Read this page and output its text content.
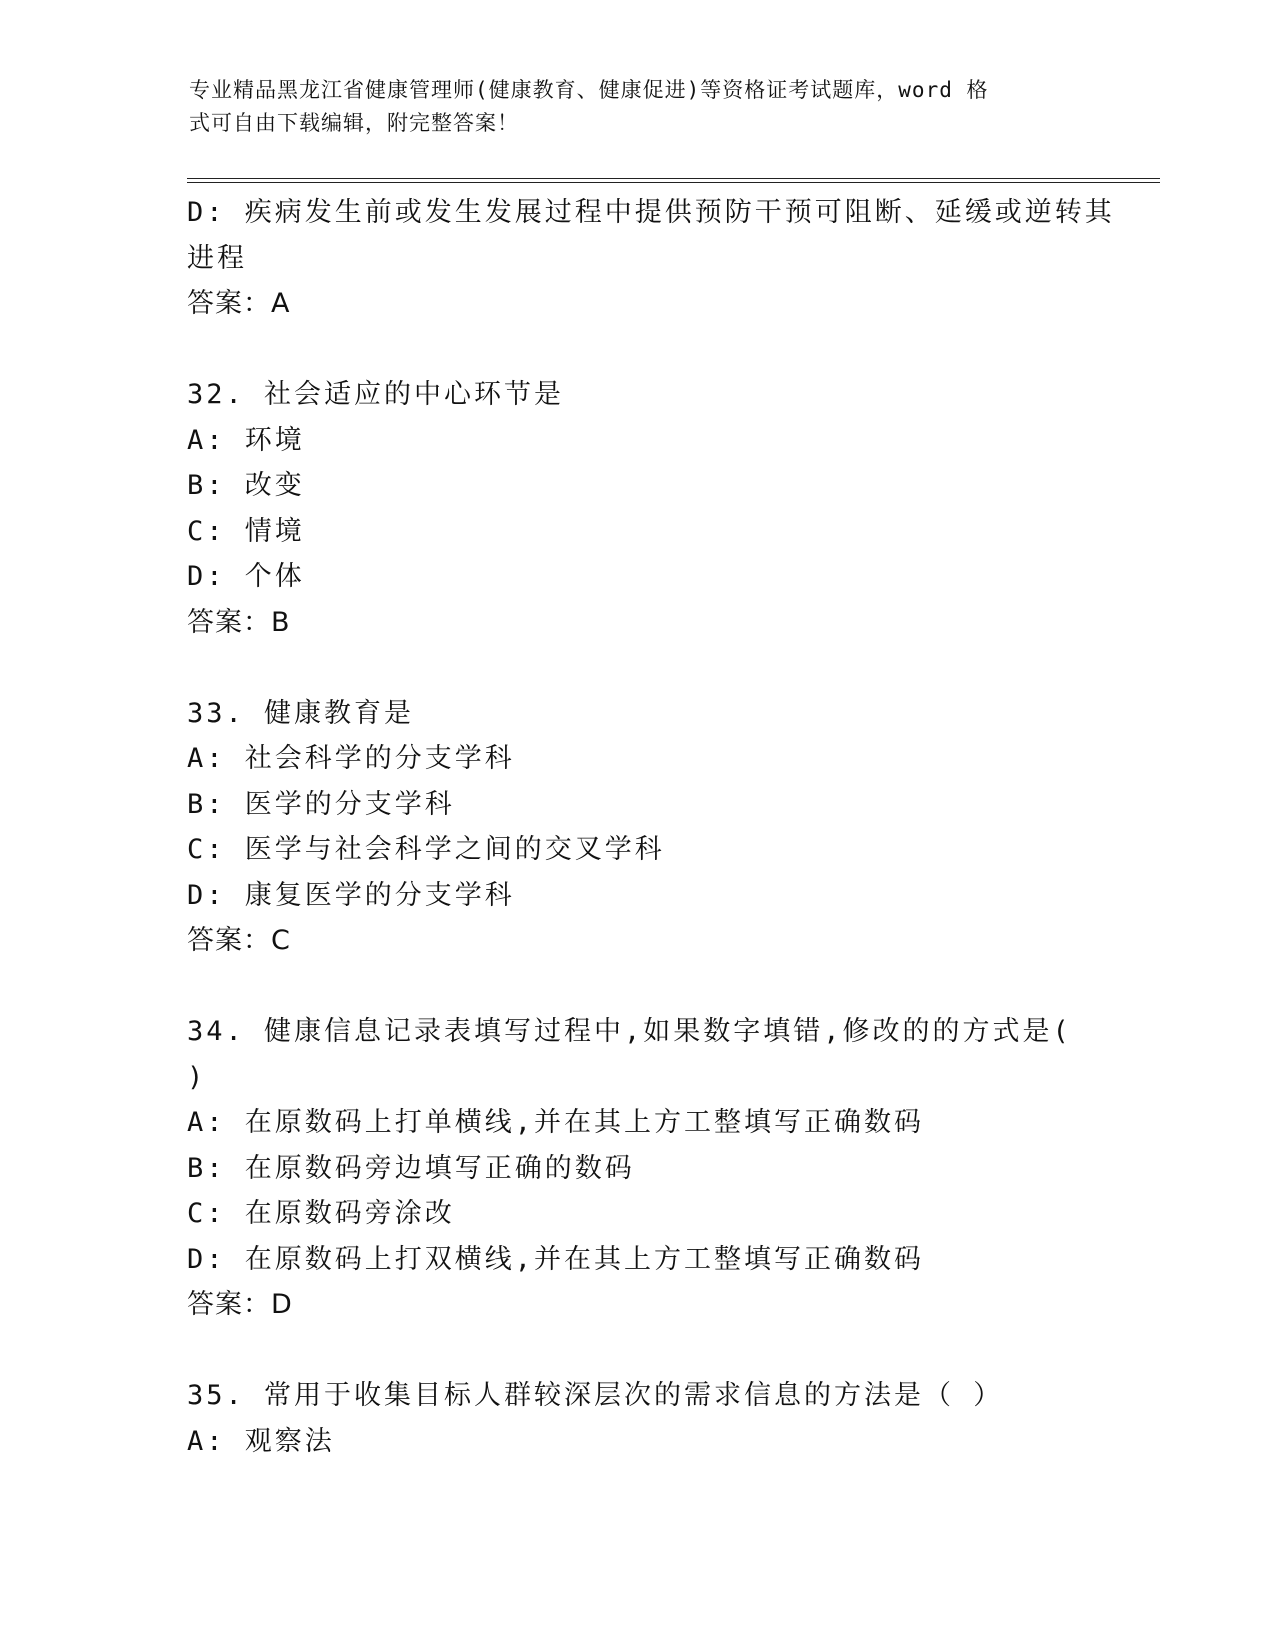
专业精品黑龙江省健康管理师(健康教育、健康促进)等资格证考试题库，word 格
式可自由下载编辑，附完整答案！
D: 疾病发生前或发生发展过程中提供预防干预可阻断、延缓或逆转其
进程
答案：A
32. 社会适应的中心环节是
A: 环境
B: 改变
C: 情境
D: 个体
答案：B
33. 健康教育是
A: 社会科学的分支学科
B: 医学的分支学科
C: 医学与社会科学之间的交叉学科
D: 康复医学的分支学科
答案：C
34. 健康信息记录表填写过程中,如果数字填错,修改的的方式是(
)
A: 在原数码上打单横线,并在其上方工整填写正确数码
B: 在原数码旁边填写正确的数码
C: 在原数码旁涂改
D: 在原数码上打双横线,并在其上方工整填写正确数码
答案：D
35. 常用于收集目标人群较深层次的需求信息的方法是（ ）
A: 观察法
